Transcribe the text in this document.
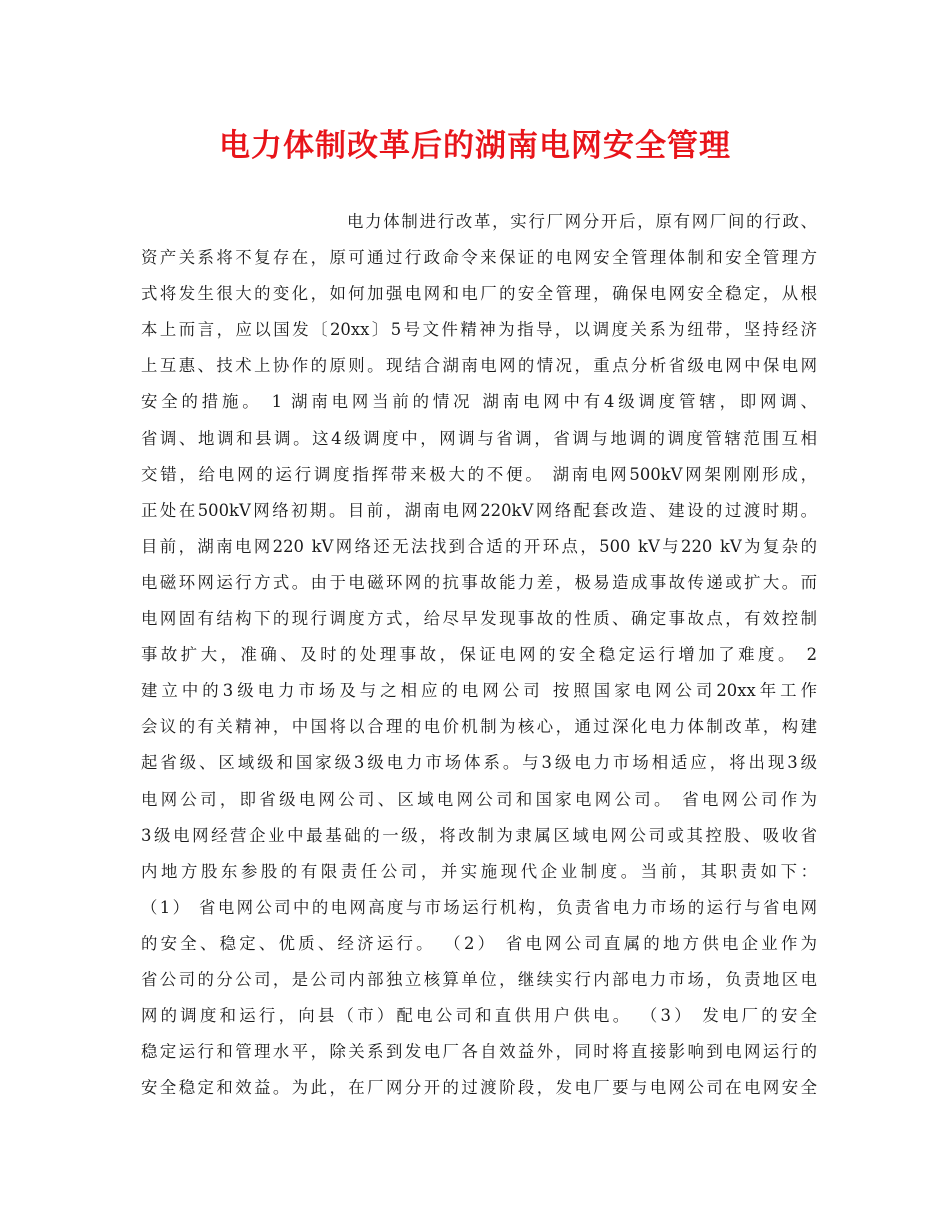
电力体制改革后的湖南电网安全管理
电力体制进行改革，实行厂网分开后，原有网厂间的行政、
资产关系将不复存在，原可通过行政命令来保证的电网安全管理体制和安全管理方
式将发生很大的变化，如何加强电网和电厂的安全管理，确保电网安全稳定，从根
本上而言，应以国发〔20xx〕5号文件精神为指导，以调度关系为纽带，坚持经济
上互惠、技术上协作的原则。现结合湖南电网的情况，重点分析省级电网中保电网
安全的措施。 1 湖南电网当前的情况 湖南电网中有4级调度管辖，即网调、
省调、地调和县调。这4级调度中，网调与省调，省调与地调的调度管辖范围互相
交错，给电网的运行调度指挥带来极大的不便。 湖南电网500kV网架刚刚形成，
正处在500kV网络初期。目前，湖南电网220kV网络配套改造、建设的过渡时期。
目前，湖南电网220 kV网络还无法找到合适的开环点，500 kV与220 kV为复杂的
电磁环网运行方式。由于电磁环网的抗事故能力差，极易造成事故传递或扩大。而
电网固有结构下的现行调度方式，给尽早发现事故的性质、确定事故点，有效控制
事故扩大，准确、及时的处理事故，保证电网的安全稳定运行增加了难度。 2
建立中的3级电力市场及与之相应的电网公司 按照国家电网公司20xx年工作
会议的有关精神，中国将以合理的电价机制为核心，通过深化电力体制改革，构建
起省级、区域级和国家级3级电力市场体系。与3级电力市场相适应，将出现3级
电网公司，即省级电网公司、区域电网公司和国家电网公司。 省电网公司作为
3级电网经营企业中最基础的一级，将改制为隶属区域电网公司或其控股、吸收省
内地方股东参股的有限责任公司，并实施现代企业制度。当前，其职责如下：
（1） 省电网公司中的电网高度与市场运行机构，负责省电力市场的运行与省电网
的安全、稳定、优质、经济运行。 （2） 省电网公司直属的地方供电企业作为
省公司的分公司，是公司内部独立核算单位，继续实行内部电力市场，负责地区电
网的调度和运行，向县（市）配电公司和直供用户供电。 （3） 发电厂的安全
稳定运行和管理水平，除关系到发电厂各自效益外，同时将直接影响到电网运行的
安全稳定和效益。为此，在厂网分开的过渡阶段，发电厂要与电网公司在电网安全
